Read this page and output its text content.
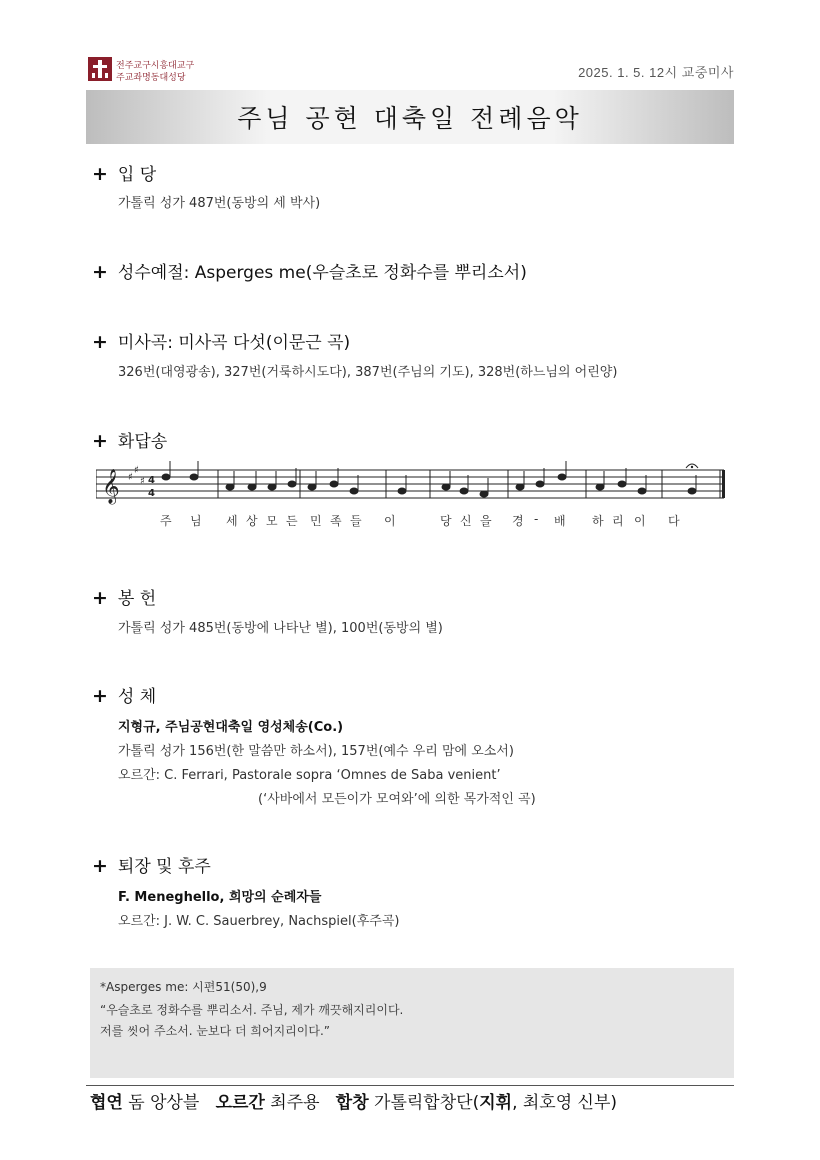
전주교구시흥대교구
주교좌명동대성당	2025. 1. 5. 12시 교중미사
주님 공현 대축일 전례음악
+ 입 당
가톨릭 성가 487번(동방의 세 박사)
+ 성수예절: Asperges me(우슬초로 정화수를 뿌리소서)
+ 미사곡: 미사곡 다섯(이문근 곡)
326번(대영광송), 327번(거룩하시도다), 387번(주님의 기도), 328번(하느님의 어린양)
+ 화답송
𝄞 ♯
♯
♯ 4
4
주 님 세 상 모 든 민 족 들 이	당 신 을 경 - 배 하 리 이 다
+ 봉 헌
가톨릭 성가 485번(동방에 나타난 별), 100번(동방의 별)
+ 성 체
지형규, 주님공현대축일 영성체송(Co.)
가톨릭 성가 156번(한 말씀만 하소서), 157번(예수 우리 맘에 오소서)
오르간: C. Ferrari, Pastorale sopra ‘Omnes de Saba venient’
(‘사바에서 모든이가 모여와’에 의한 목가적인 곡)
+ 퇴장 및 후주
F. Meneghello, 희망의 순례자들
오르간: J. W. C. Sauerbrey, Nachspiel(후주곡)
*Asperges me: 시편51(50),9
“우슬초로 정화수를 뿌리소서. 주님, 제가 깨끗해지리이다.
저를 씻어 주소서. 눈보다 더 희어지리이다.”
협연 돔 앙상블 오르간 최주용 합창 가톨릭합창단(지휘, 최호영 신부)
